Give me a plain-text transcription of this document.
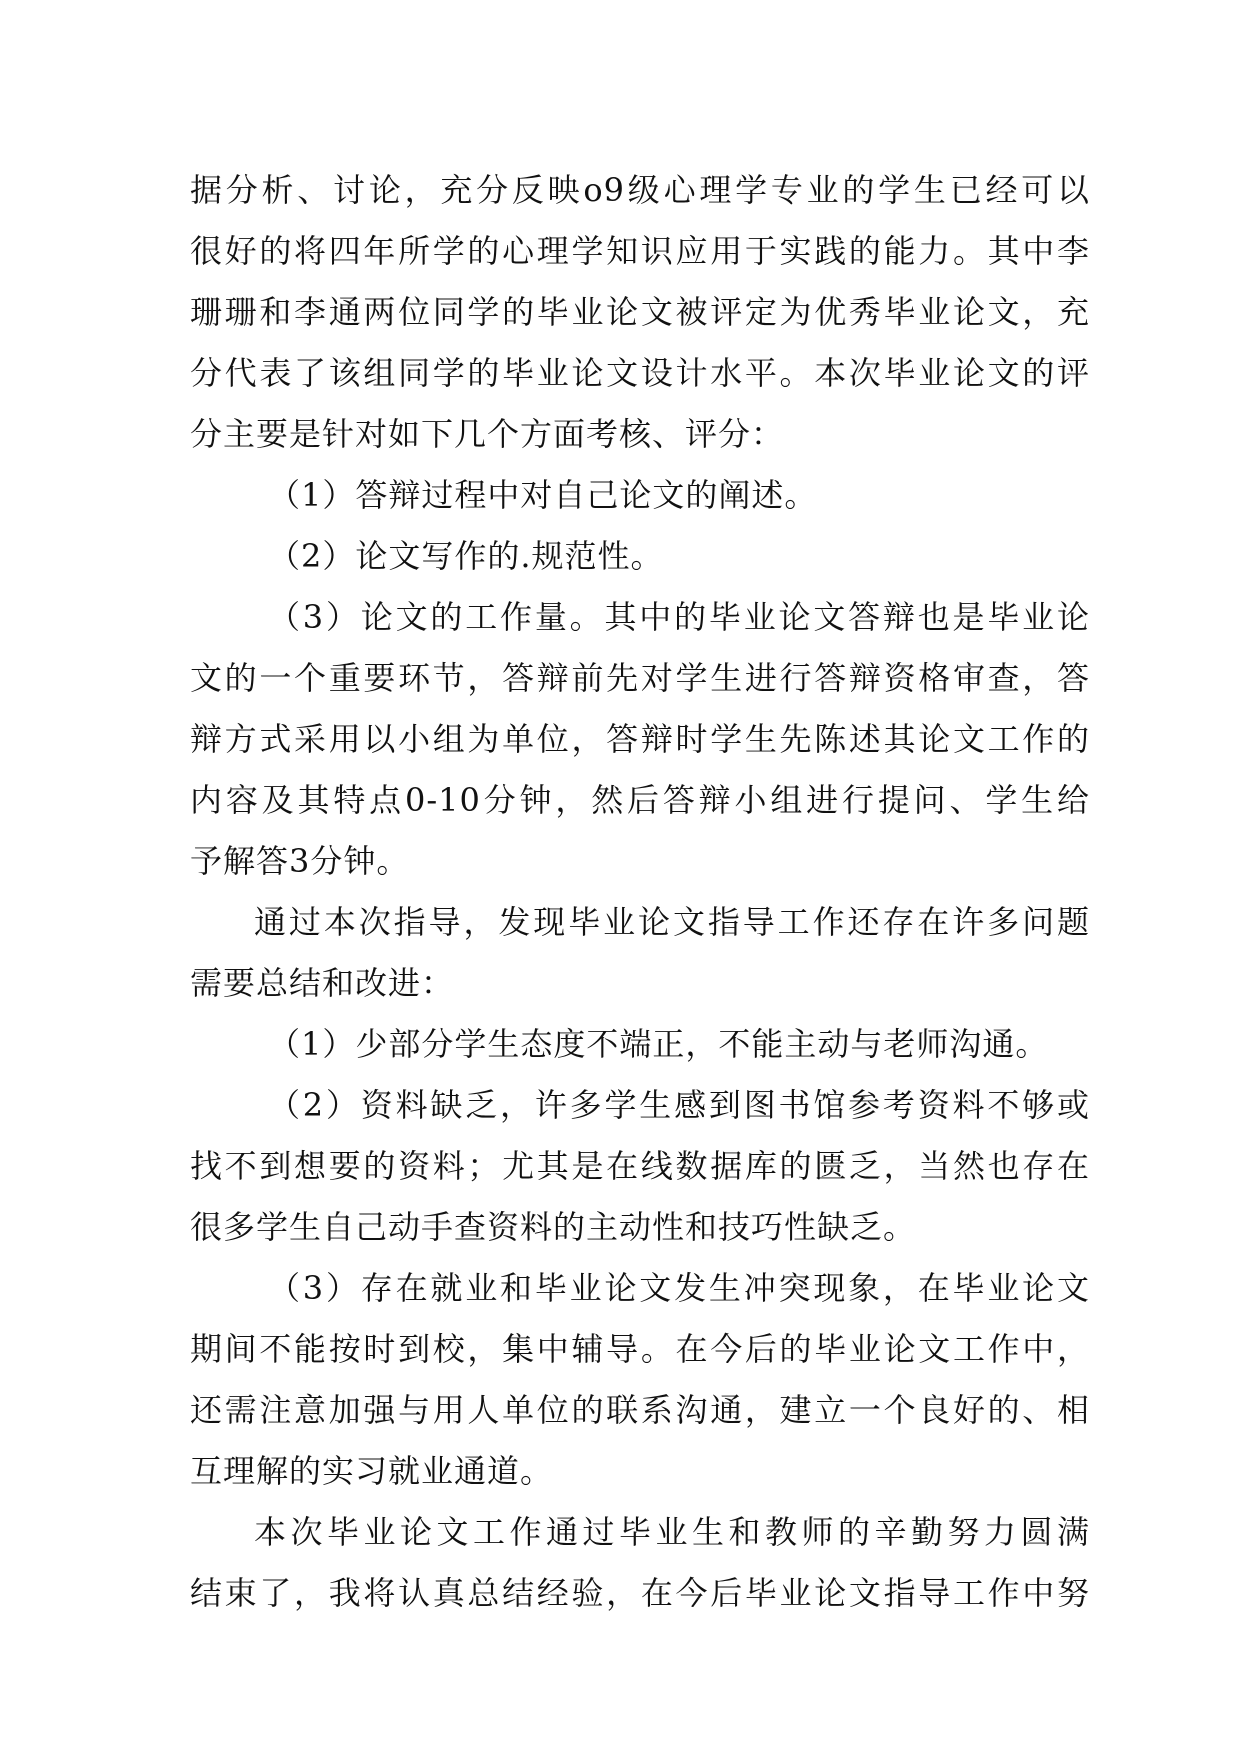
据分析、讨论，充分反映o9级心理学专业的学生已经可以
很好的将四年所学的心理学知识应用于实践的能力。其中李
珊珊和李通两位同学的毕业论文被评定为优秀毕业论文，充
分代表了该组同学的毕业论文设计水平。本次毕业论文的评
分主要是针对如下几个方面考核、评分：
（1）答辩过程中对自己论文的阐述。
（2）论文写作的.规范性。
（3）论文的工作量。其中的毕业论文答辩也是毕业论
文的一个重要环节，答辩前先对学生进行答辩资格审查，答
辩方式采用以小组为单位，答辩时学生先陈述其论文工作的
内容及其特点0-10分钟，然后答辩小组进行提问、学生给
予解答3分钟。
通过本次指导，发现毕业论文指导工作还存在许多问题
需要总结和改进：
（1）少部分学生态度不端正，不能主动与老师沟通。
（2）资料缺乏，许多学生感到图书馆参考资料不够或
找不到想要的资料；尤其是在线数据库的匮乏，当然也存在
很多学生自己动手查资料的主动性和技巧性缺乏。
（3）存在就业和毕业论文发生冲突现象，在毕业论文
期间不能按时到校，集中辅导。在今后的毕业论文工作中，
还需注意加强与用人单位的联系沟通，建立一个良好的、相
互理解的实习就业通道。
本次毕业论文工作通过毕业生和教师的辛勤努力圆满
结束了，我将认真总结经验，在今后毕业论文指导工作中努
